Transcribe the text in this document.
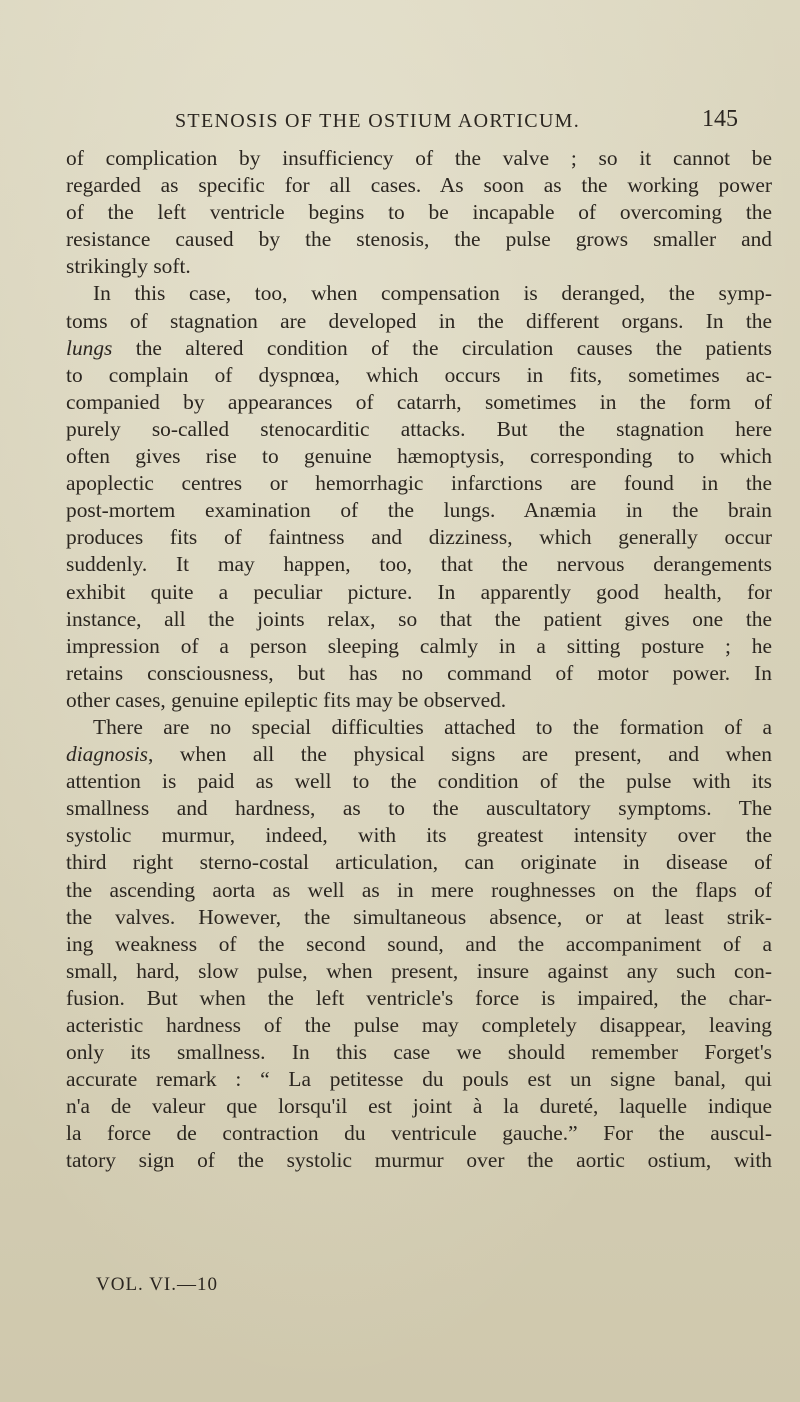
STENOSIS OF THE OSTIUM AORTICUM.	145
of complication by insufficiency of the valve ; so it cannot be
regarded as specific for all cases. As soon as the working power
of the left ventricle begins to be incapable of overcoming the
resistance caused by the stenosis, the pulse grows smaller and
strikingly soft.
In this case, too, when compensation is deranged, the symp-
toms of stagnation are developed in the different organs. In the
lungs the altered condition of the circulation causes the patients
to complain of dyspnœa, which occurs in fits, sometimes ac-
companied by appearances of catarrh, sometimes in the form of
purely so-called stenocarditic attacks. But the stagnation here
often gives rise to genuine hæmoptysis, corresponding to which
apoplectic centres or hemorrhagic infarctions are found in the
post-mortem examination of the lungs. Anæmia in the brain
produces fits of faintness and dizziness, which generally occur
suddenly. It may happen, too, that the nervous derangements
exhibit quite a peculiar picture. In apparently good health, for
instance, all the joints relax, so that the patient gives one the
impression of a person sleeping calmly in a sitting posture ; he
retains consciousness, but has no command of motor power. In
other cases, genuine epileptic fits may be observed.
There are no special difficulties attached to the formation of a
diagnosis, when all the physical signs are present, and when
attention is paid as well to the condition of the pulse with its
smallness and hardness, as to the auscultatory symptoms. The
systolic murmur, indeed, with its greatest intensity over the
third right sterno-costal articulation, can originate in disease of
the ascending aorta as well as in mere roughnesses on the flaps of
the valves. However, the simultaneous absence, or at least strik-
ing weakness of the second sound, and the accompaniment of a
small, hard, slow pulse, when present, insure against any such con-
fusion. But when the left ventricle's force is impaired, the char-
acteristic hardness of the pulse may completely disappear, leaving
only its smallness. In this case we should remember Forget's
accurate remark : “ La petitesse du pouls est un signe banal, qui
n'a de valeur que lorsqu'il est joint à la dureté, laquelle indique
la force de contraction du ventricule gauche.” For the auscul-
tatory sign of the systolic murmur over the aortic ostium, with
VOL. VI.—10
